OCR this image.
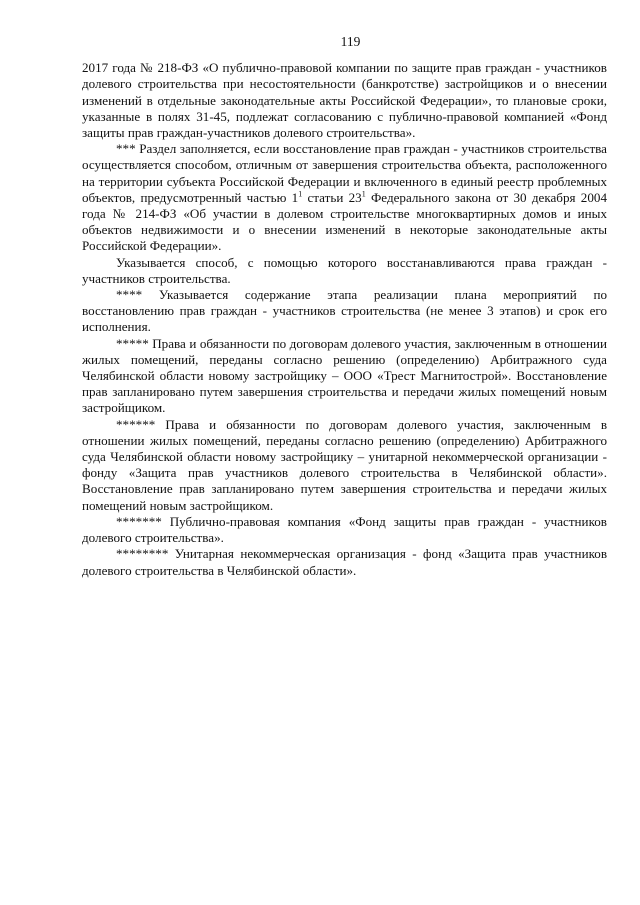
119

2017 года № 218-ФЗ «О публично-правовой компании по защите прав граждан - участников долевого строительства при несостоятельности (банкротстве) застройщиков и о внесении изменений в отдельные законодательные акты Российской Федерации», то плановые сроки, указанные в полях 31-45, подлежат согласованию с публично-правовой компанией «Фонд защиты прав граждан-участников долевого строительства».

*** Раздел заполняется, если восстановление прав граждан - участников строительства осуществляется способом, отличным от завершения строительства объекта, расположенного на территории субъекта Российской Федерации и включенного в единый реестр проблемных объектов, предусмотренный частью $1^1$ статьи $23^1$ Федерального закона от 30 декабря 2004 года № 214-ФЗ «Об участии в долевом строительстве многоквартирных домов и иных объектов недвижимости и о внесении изменений в некоторые законодательные акты Российской Федерации».

Указывается способ, с помощью которого восстанавливаются права граждан - участников строительства.

**** Указывается содержание этапа реализации плана мероприятий по восстановлению прав граждан - участников строительства (не менее 3 этапов) и срок его исполнения.

***** Права и обязанности по договорам долевого участия, заключенным в отношении жилых помещений, переданы согласно решению (определению) Арбитражного суда Челябинской области новому застройщику – ООО «Трест Магнитострой». Восстановление прав запланировано путем завершения строительства и передачи жилых помещений новым застройщиком.

****** Права и обязанности по договорам долевого участия, заключенным в отношении жилых помещений, переданы согласно решению (определению) Арбитражного суда Челябинской области новому застройщику – унитарной некоммерческой организации - фонду «Защита прав участников долевого строительства в Челябинской области». Восстановление прав запланировано путем завершения строительства и передачи жилых помещений новым застройщиком.

******* Публично-правовая компания «Фонд защиты прав граждан - участников долевого строительства».

******** Унитарная некоммерческая организация - фонд «Защита прав участников долевого строительства в Челябинской области».
